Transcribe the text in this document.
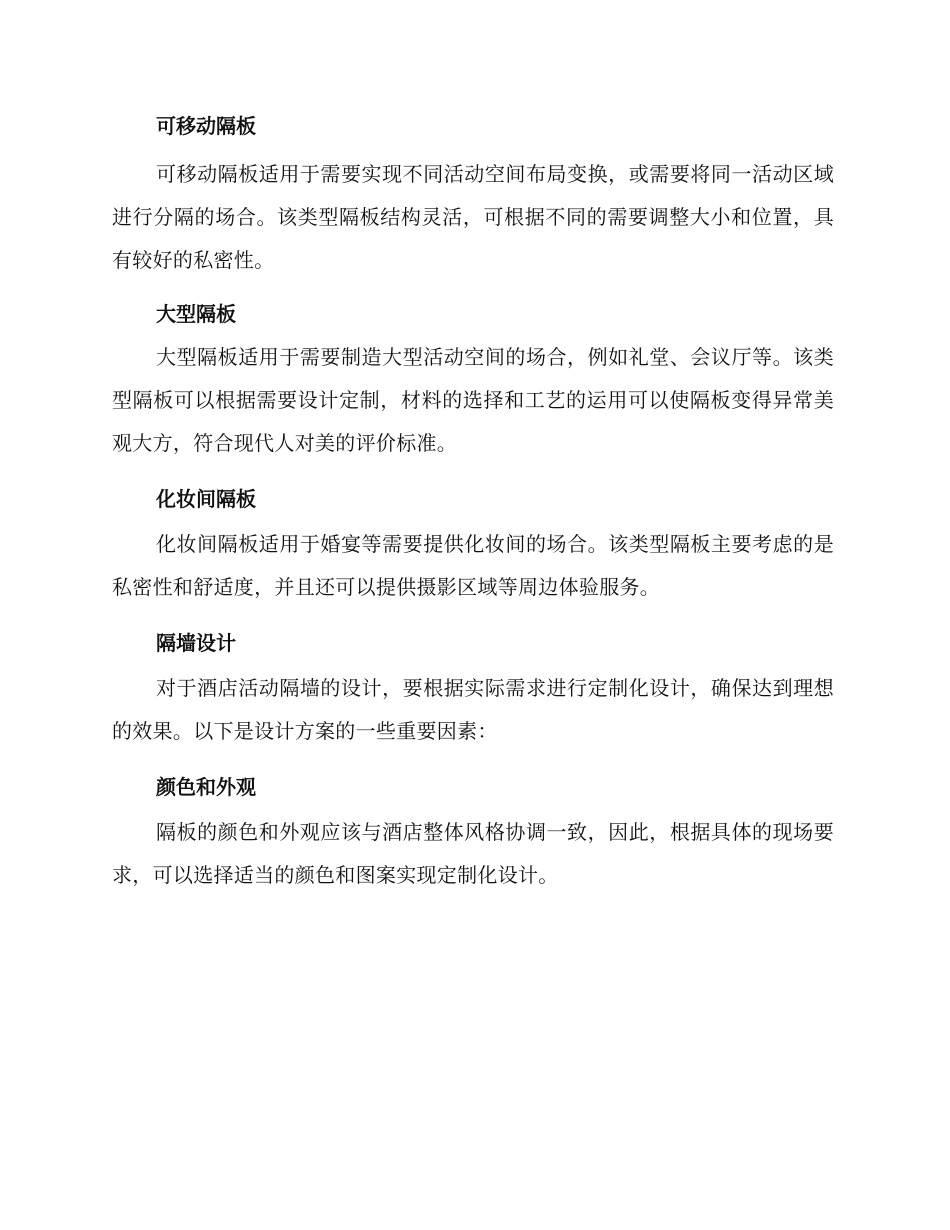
可移动隔板

可移动隔板适用于需要实现不同活动空间布局变换，或需要将同一活动区域进行分隔的场合。该类型隔板结构灵活，可根据不同的需要调整大小和位置，具有较好的私密性。

大型隔板

大型隔板适用于需要制造大型活动空间的场合，例如礼堂、会议厅等。该类型隔板可以根据需要设计定制，材料的选择和工艺的运用可以使隔板变得异常美观大方，符合现代人对美的评价标准。

化妆间隔板

化妆间隔板适用于婚宴等需要提供化妆间的场合。该类型隔板主要考虑的是私密性和舒适度，并且还可以提供摄影区域等周边体验服务。

隔墙设计

对于酒店活动隔墙的设计，要根据实际需求进行定制化设计，确保达到理想的效果。以下是设计方案的一些重要因素：

颜色和外观

隔板的颜色和外观应该与酒店整体风格协调一致，因此，根据具体的现场要求，可以选择适当的颜色和图案实现定制化设计。
